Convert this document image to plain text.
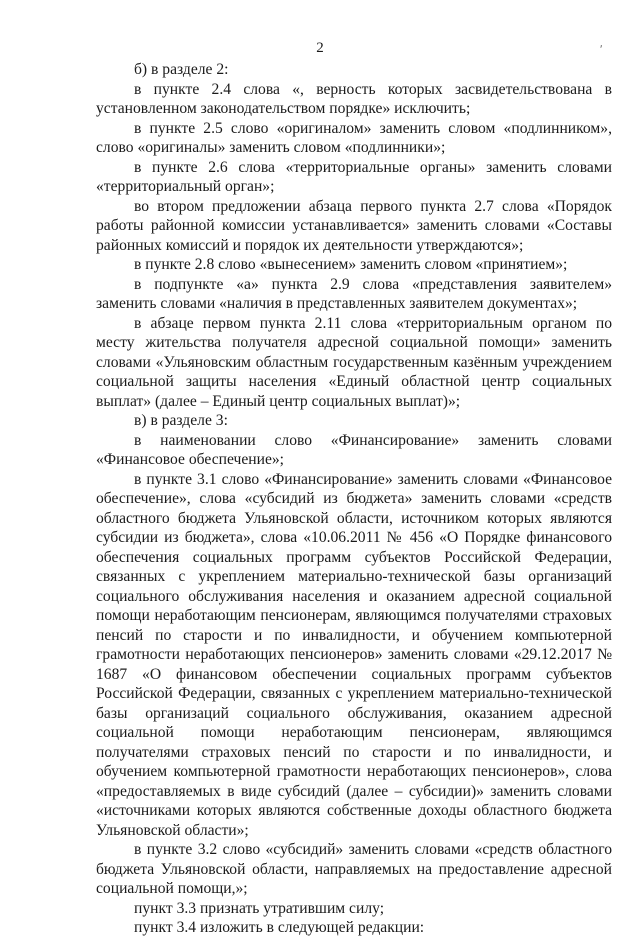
2	ʹ

б) в разделе 2:

в пункте 2.4 слова «, верность которых засвидетельствована в установленном законодательством порядке» исключить;

в пункте 2.5 слово «оригиналом» заменить словом «подлинником», слово «оригиналы» заменить словом «подлинники»;

в пункте 2.6 слова «территориальные органы» заменить словами «территориальный орган»;

во втором предложении абзаца первого пункта 2.7 слова «Порядок работы районной комиссии устанавливается» заменить словами «Составы районных комиссий и порядок их деятельности утверждаются»;

в пункте 2.8 слово «вынесением» заменить словом «принятием»;

в подпункте «а» пункта 2.9 слова «представления заявителем» заменить словами «наличия в представленных заявителем документах»;

в абзаце первом пункта 2.11 слова «территориальным органом по месту жительства получателя адресной социальной помощи» заменить словами «Ульяновским областным государственным казённым учреждением социальной защиты населения «Единый областной центр социальных выплат» (далее – Единый центр социальных выплат)»;

в) в разделе 3:

в наименовании слово «Финансирование» заменить словами «Финансовое обеспечение»;

в пункте 3.1 слово «Финансирование» заменить словами «Финансовое обеспечение», слова «субсидий из бюджета» заменить словами «средств областного бюджета Ульяновской области, источником которых являются субсидии из бюджета», слова «10.06.2011 № 456 «О Порядке финансового обеспечения социальных программ субъектов Российской Федерации, связанных с укреплением материально-технической базы организаций социального обслуживания населения и оказанием адресной социальной помощи неработающим пенсионерам, являющимся получателями страховых пенсий по старости и по инвалидности, и обучением компьютерной грамотности неработающих пенсионеров» заменить словами «29.12.2017 № 1687 «О финансовом обеспечении социальных программ субъектов Российской Федерации, связанных с укреплением материально-технической базы организаций социального обслуживания, оказанием адресной социальной помощи неработающим пенсионерам, являющимся получателями страховых пенсий по старости и по инвалидности, и обучением компьютерной грамотности неработающих пенсионеров», слова «предоставляемых в виде субсидий (далее – субсидии)» заменить словами «источниками которых являются собственные доходы областного бюджета Ульяновской области»;

в пункте 3.2 слово «субсидий» заменить словами «средств областного бюджета Ульяновской области, направляемых на предоставление адресной социальной помощи,»;

пункт 3.3 признать утратившим силу;

пункт 3.4 изложить в следующей редакции:
